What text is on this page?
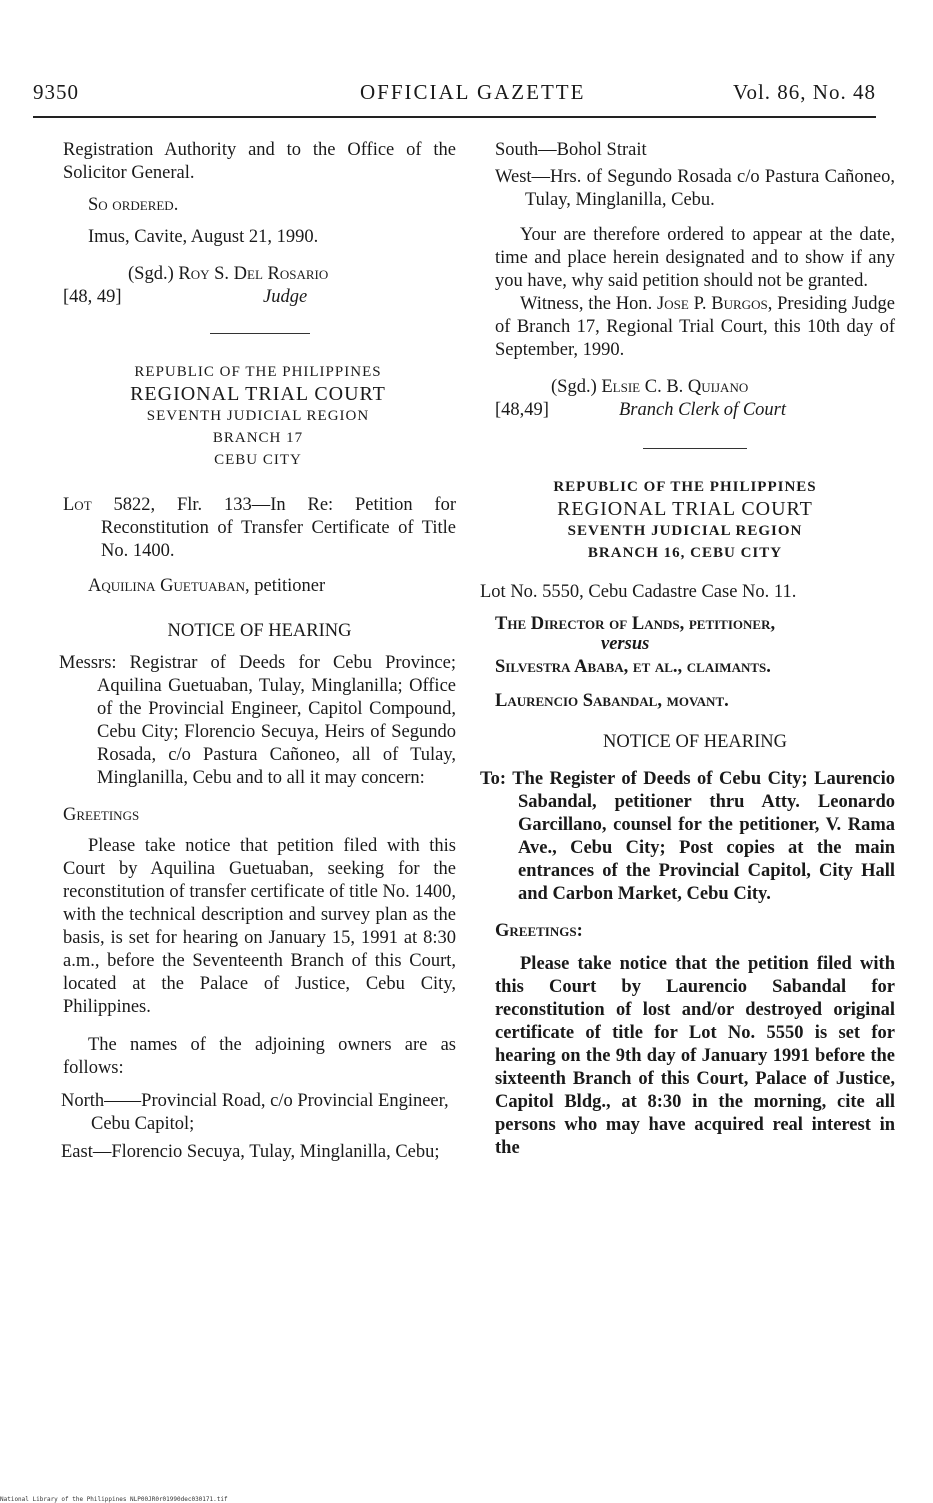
9350	OFFICIAL GAZETTE	Vol. 86, No. 48

Registration Authority and to the Office of the Solicitor General.

So ordered.

Imus, Cavite, August 21, 1990.

(Sgd.)
Roy S. Del Rosario
[48, 49]	Judge
REPUBLIC OF THE PHILIPPINES
REGIONAL TRIAL COURT
SEVENTH JUDICIAL REGION
BRANCH 17
CEBU CITY

Lot 5822, Flr. 133—In Re: Petition for Reconstitution of Transfer Certificate of Title No. 1400.

Aquilina Guetuaban, petitioner

NOTICE OF HEARING

Messrs: Registrar of Deeds for Cebu Province; Aquilina Guetuaban, Tulay, Minglanilla; Office of the Provincial Engineer, Capitol Compound, Cebu City; Florencio Secuya, Heirs of Segundo Rosada, c/o Pastura Cañoneo, all of Tulay, Minglanilla, Cebu and to all it may concern:

Greetings

Please take notice that petition filed with this Court by Aquilina Guetuaban, seeking for the reconstitution of transfer certificate of title No. 1400, with the technical description and survey plan as the basis, is set for hearing on January 15, 1991 at 8:30 a.m., before the Seventeenth Branch of this Court, located at the Palace of Justice, Cebu City, Philippines.

The names of the adjoining owners are as follows:

North——Provincial Road, c/o Provincial Engineer, Cebu Capitol;

East—Florencio Secuya, Tulay, Minglanilla, Cebu;

South—Bohol Strait

West—Hrs. of Segundo Rosada c/o Pastura Cañoneo, Tulay, Minglanilla, Cebu.

Your are therefore ordered to appear at the date, time and place herein designated and to show if any you have, why said petition should not be granted.

Witness, the Hon. Jose P. Burgos, Presiding Judge of Branch 17, Regional Trial Court, this 10th day of September, 1990.

(Sgd.)
Elsie C. B. Quijano
[48,49]	Branch Clerk of Court
REPUBLIC OF THE PHILIPPINES
REGIONAL TRIAL COURT
SEVENTH JUDICIAL REGION
BRANCH 16, CEBU CITY

Lot No. 5550, Cebu Cadastre Case No. 11.

The Director of Lands, petitioner,

versus

Silvestra Ababa, et al., claimants.

Laurencio Sabandal, movant.

NOTICE OF HEARING

To: The Register of Deeds of Cebu City; Laurencio Sabandal, petitioner thru Atty. Leonardo Garcillano, counsel for the petitioner, V. Rama Ave., Cebu City; Post copies at the main entrances of the Provincial Capitol, City Hall and Carbon Market, Cebu City.

Greetings:

Please take notice that the petition filed with this Court by Laurencio Sabandal for reconstitution of lost and/or destroyed original certificate of title for Lot No. 5550 is set for hearing on the 9th day of January 1991 before the sixteenth Branch of this Court, Palace of Justice, Capitol Bldg., at 8:30 in the morning, cite all persons who may have acquired real interest in the

National Library of the Philippines NLP00JR0r01990dec030171.tif
